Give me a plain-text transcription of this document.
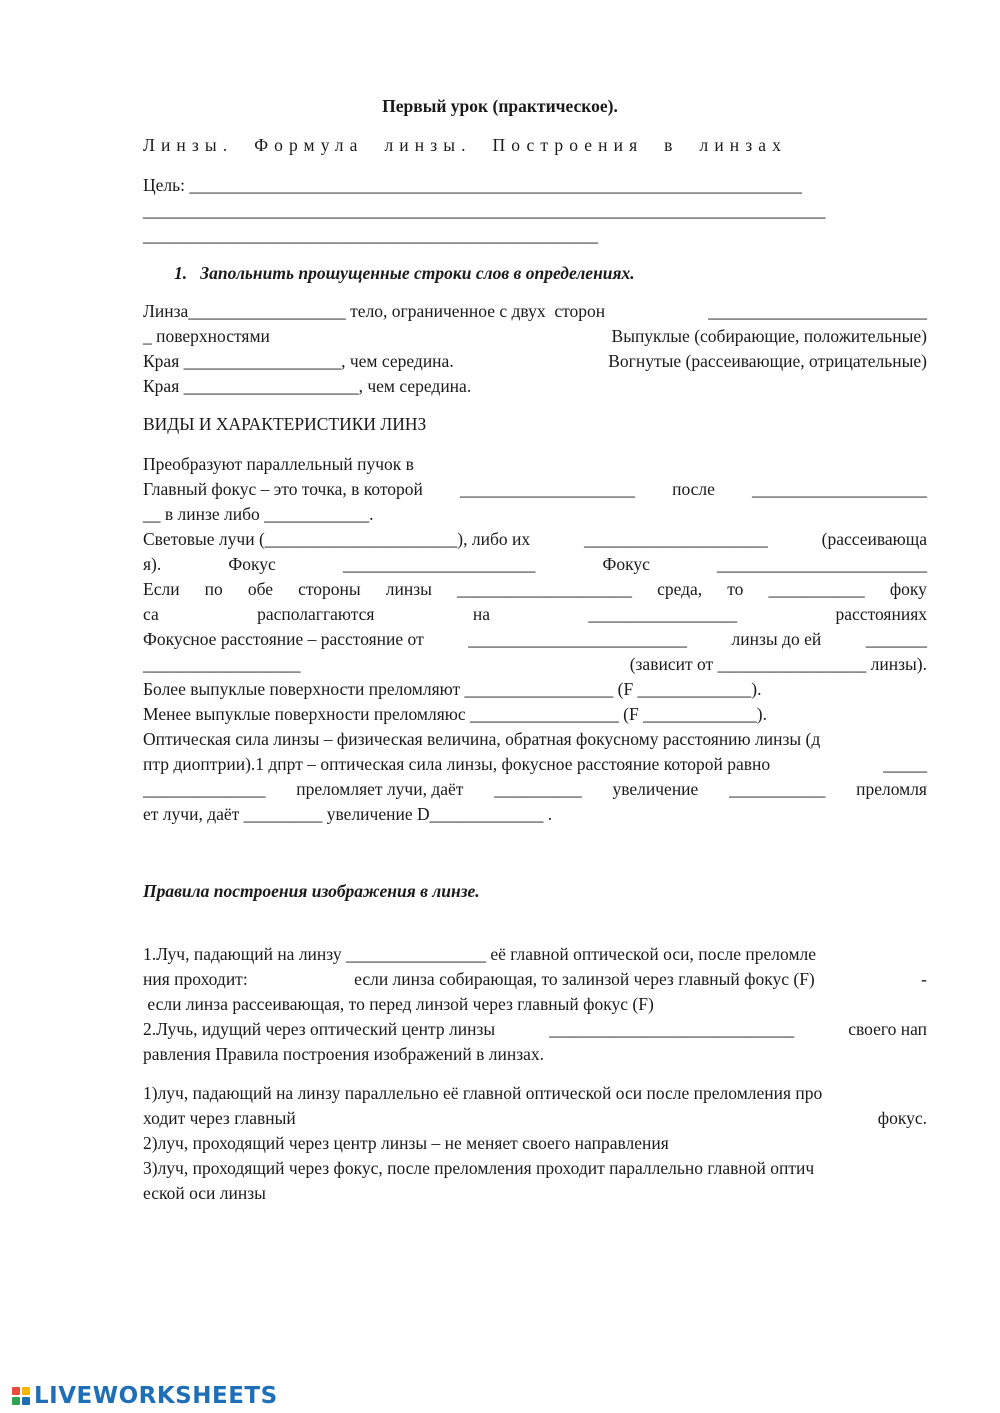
Первый урок (практическое).
Линзы.  Формула  линзы.  Построения  в  линзах
Цель: ______________________________________________________________________
______________________________________________________________________________
____________________________________________________
1.   Запольнить прошущенные строки слов в определениях.
Линза__________________ тело, ограниченное с двух  сторон	_________________________
_ поверхностями	Выпуклые (собирающие, положительные)
Края __________________, чем середина.	Вогнутые (рассеивающие, отрицательные)
Края ____________________, чем середина.
ВИДЫ И ХАРАКТЕРИСТИКИ ЛИНЗ
Преобразуют параллельный пучок в
Главный фокус – это точка, в которой ____________________ после ____________________
__ в линзе либо ____________.
Световые лучи (______________________), либо их	_____________________	(рассеивающа
я).	Фокус	______________________	Фокус	________________________
Если по обе стороны линзы ____________________ среда, то ___________ фоку
са	располаггаются	на	_________________	расстояниях
Фокусное расстояние – расстояние от	_________________________	линзы до ей	_______
__________________	(зависит от _________________ линзы).
Более выпуклые поверхности преломляют _________________ (F _____________).
Менее выпуклые поверхности преломляюс _________________ (F _____________).
Оптическая сила линзы – физическая величина, обратная фокусному расстоянию линзы (д
птр диоптрии).1 дпрт – оптическая сила линзы, фокусное расстояние которой равно	_____
______________ преломляет лучи, даёт __________ увеличение ___________ преломля
ет лучи, даёт _________ увеличение D_____________ .
Правила построения изображения в линзе.
1.Луч, падающий на линзу ________________ её главной оптической оси, после преломле
ния проходит:	если линза собирающая, то залинзой через главный фокус (F)	-
если линза рассеивающая, то перед линзой через главный фокус (F)
2.Лучь, идущий через оптический центр линзы	____________________________	своего нап
равления Правила построения изображений в линзах.
1)луч, падающий на линзу параллельно её главной оптической оси после преломления про
ходит через главный	фокус.
2)луч, проходящий через центр линзы – не меняет своего направления
3)луч, проходящий через фокус, после преломления проходит параллельно главной оптич
еской оси линзы
LIVEWORKSHEETS
